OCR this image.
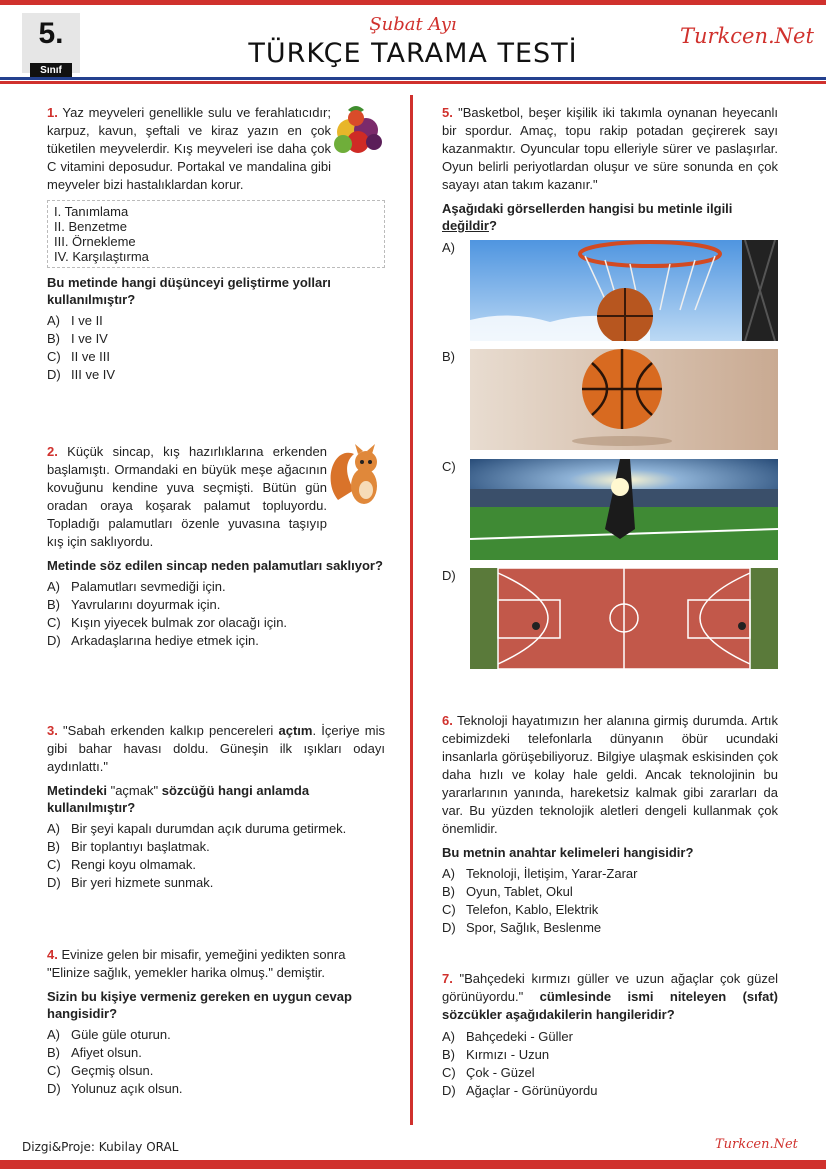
5.
Sınıf
Şubat Ayı
TÜRKÇE TARAMA TESTİ
Turkcen.Net
1. Yaz meyveleri genellikle sulu ve ferahlatıcıdır; karpuz, kavun, şeftali ve kiraz yazın en çok tüketilen meyvelerdir. Kış meyveleri ise daha çok C vitamini deposudur. Portakal ve mandalina gibi meyveler bizi hastalıklardan korur.
I. Tanımlama
II. Benzetme
III. Örnekleme
IV. Karşılaştırma
Bu metinde hangi düşünceyi geliştirme yolları kullanılmıştır?
A) I ve II
B) I ve IV
C) II ve III
D) III ve IV
2. Küçük sincap, kış hazırlıklarına erkenden başlamıştı. Ormandaki en büyük meşe ağacının kovuğunu kendine yuva seçmişti. Bütün gün oradan oraya koşarak palamut topluyordu. Topladığı palamutları özenle yuvasına taşıyıp kış için saklıyordu.
Metinde söz edilen sincap neden palamutları saklıyor?
A) Palamutları sevmediği için.
B) Yavrularını doyurmak için.
C) Kışın yiyecek bulmak zor olacağı için.
D) Arkadaşlarına hediye etmek için.
3. "Sabah erkenden kalkıp pencereleri açtım. İçeriye mis gibi bahar havası doldu. Güneşin ilk ışıkları odayı aydınlattı."
Metindeki "açmak" sözcüğü hangi anlamda kullanılmıştır?
A) Bir şeyi kapalı durumdan açık duruma getirmek.
B) Bir toplantıyı başlatmak.
C) Rengi koyu olmamak.
D) Bir yeri hizmete sunmak.
4. Evinize gelen bir misafir, yemeğini yedikten sonra "Elinize sağlık, yemekler harika olmuş." demiştir.
Sizin bu kişiye vermeniz gereken en uygun cevap hangisidir?
A) Güle güle oturun.
B) Afiyet olsun.
C) Geçmiş olsun.
D) Yolunuz açık olsun.
5. "Basketbol, beşer kişilik iki takımla oynanan heyecanlı bir spordur. Amaç, topu rakip potadan geçirerek sayı kazanmaktır. Oyuncular topu elleriyle sürer ve paslaşırlar. Oyun belirli periyotlardan oluşur ve süre sonunda en çok sayayı atan takım kazanır."
Aşağıdaki görsellerden hangisi bu metinle ilgili değildir?
A)
B)
C)
D)
6. Teknoloji hayatımızın her alanına girmiş durumda. Artık cebimizdeki telefonlarla dünyanın öbür ucundaki insanlarla görüşebiliyoruz. Bilgiye ulaşmak eskisinden çok daha hızlı ve kolay hale geldi. Ancak teknolojinin bu yararlarının yanında, hareketsiz kalmak gibi zararları da var. Bu yüzden teknolojik aletleri dengeli kullanmak çok önemlidir.
Bu metnin anahtar kelimeleri hangisidir?
A) Teknoloji, İletişim, Yarar-Zarar
B) Oyun, Tablet, Okul
C) Telefon, Kablo, Elektrik
D) Spor, Sağlık, Beslenme
7. "Bahçedeki kırmızı güller ve uzun ağaçlar çok güzel görünüyordu." cümlesinde ismi niteleyen (sıfat) sözcükler aşağıdakilerin hangileridir?
A) Bahçedeki - Güller
B) Kırmızı - Uzun
C) Çok - Güzel
D) Ağaçlar - Görünüyordu
Dizgi&Proje: Kubilay ORAL	Turkcen.Net
